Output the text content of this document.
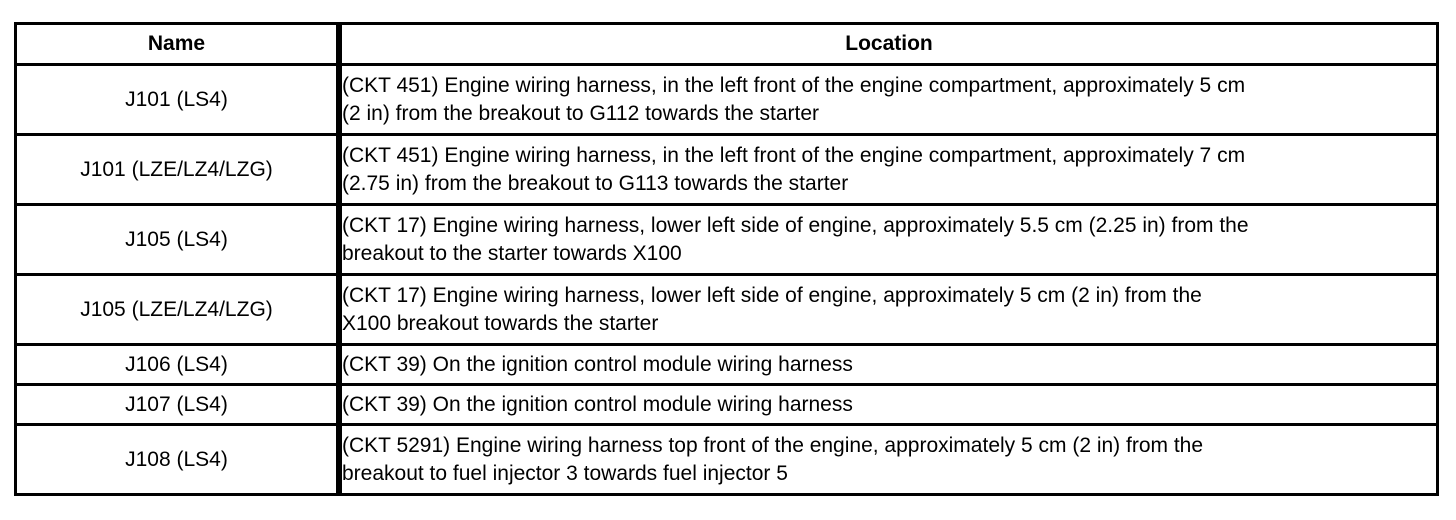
Name	Location
J101 (LS4)	(CKT 451) Engine wiring harness, in the left front of the engine compartment, approximately 5 cm
(2 in) from the breakout to G112 towards the starter

J101 (LZE/LZ4/LZG)	(CKT 451) Engine wiring harness, in the left front of the engine compartment, approximately 7 cm
(2.75 in) from the breakout to G113 towards the starter

J105 (LS4)	(CKT 17) Engine wiring harness, lower left side of engine, approximately 5.5 cm (2.25 in) from the
breakout to the starter towards X100

J105 (LZE/LZ4/LZG)	(CKT 17) Engine wiring harness, lower left side of engine, approximately 5 cm (2 in) from the
X100 breakout towards the starter

J106 (LS4)	(CKT 39) On the ignition control module wiring harness

J107 (LS4)	(CKT 39) On the ignition control module wiring harness

J108 (LS4)	(CKT 5291) Engine wiring harness top front of the engine, approximately 5 cm (2 in) from the
breakout to fuel injector 3 towards fuel injector 5
